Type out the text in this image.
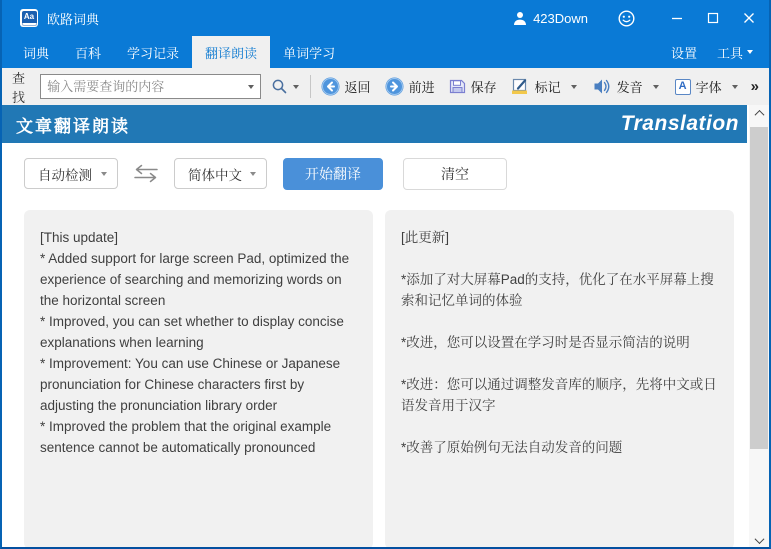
Aa 欧路词典	423Down
词典	百科	学习记录	翻译朗读	单词学习	设置 工具
查找
输入需要查询的内容
返回	前进	保存	标记	发音	A 字体 »
文章翻译朗读	Translation
自动检测	简体中文	开始翻译	清空

[This update]

* Added support for large screen Pad, optimized the experience of searching and memorizing words on the horizontal screen

* Improved, you can set whether to display concise explanations when learning

* Improvement: You can use Chinese or Japanese pronunciation for Chinese characters first by adjusting the pronunciation library order

* Improved the problem that the original example sentence cannot be automatically pronounced

[此更新]

*添加了对大屏幕Pad的支持，优化了在水平屏幕上搜索和记忆单词的体验

*改进，您可以设置在学习时是否显示简洁的说明

*改进：您可以通过调整发音库的顺序，先将中文或日语发音用于汉字

*改善了原始例句无法自动发音的问题
